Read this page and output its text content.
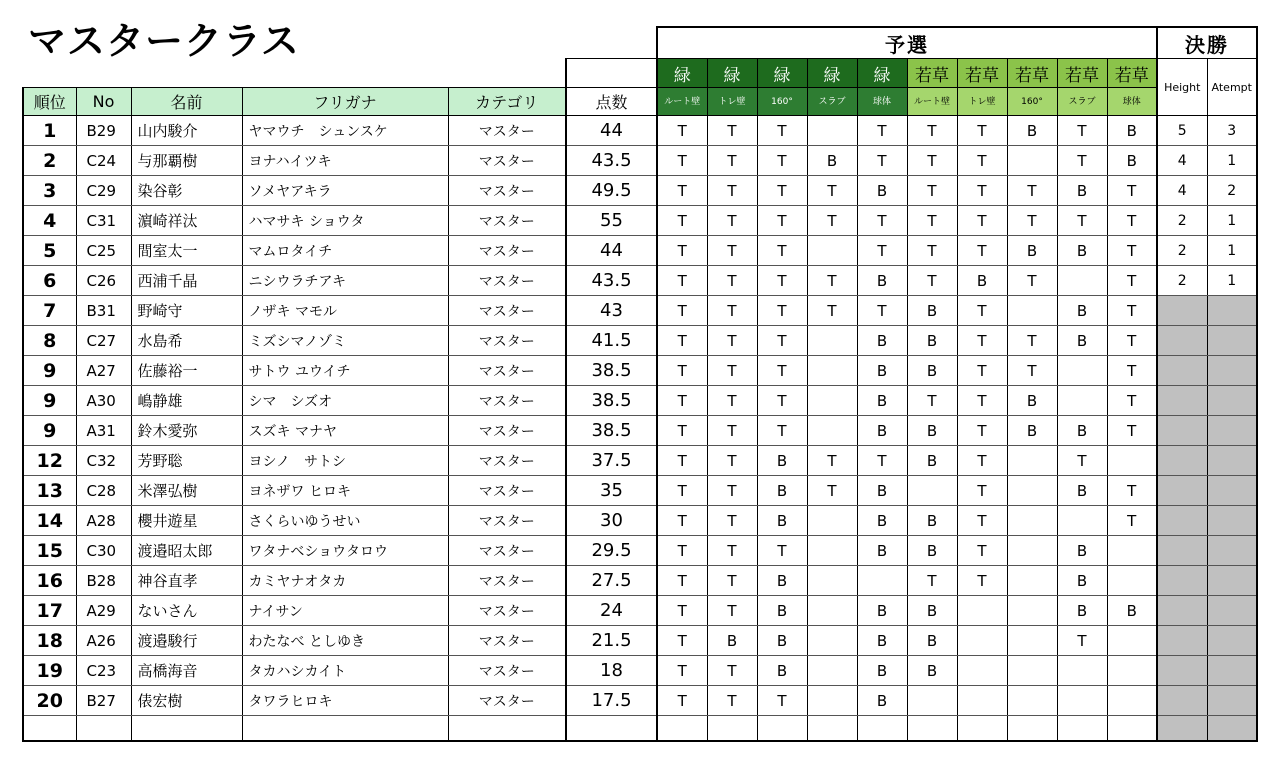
マスタークラス
						予選										決勝	
						緑	緑	緑	緑	緑	若草	若草	若草	若草	若草	Height	Atempt
順位	No	名前	フリガナ	カテゴリ	点数	ルート壁	トレ壁	160°	スラブ	球体	ルート壁	トレ壁	160°	スラブ	球体		
1	B29	山内駿介	ヤマウチ　シュンスケ	マスター	44	T	T	T		T	T	T	B	T	B	5	3
2	C24	与那覇樹	ヨナハイツキ	マスター	43.5	T	T	T	B	T	T	T		T	B	4	1
3	C29	染谷彰	ソメヤアキラ	マスター	49.5	T	T	T	T	B	T	T	T	B	T	4	2
4	C31	濵崎祥汰	ハマサキ ショウタ	マスター	55	T	T	T	T	T	T	T	T	T	T	2	1
5	C25	間室太一	マムロタイチ	マスター	44	T	T	T		T	T	T	B	B	T	2	1
6	C26	西浦千晶	ニシウラチアキ	マスター	43.5	T	T	T	T	B	T	B	T		T	2	1
7	B31	野崎守	ノザキ マモル	マスター	43	T	T	T	T	T	B	T		B	T		
8	C27	水島希	ミズシマノゾミ	マスター	41.5	T	T	T		B	B	T	T	B	T		
9	A27	佐藤裕一	サトウ ユウイチ	マスター	38.5	T	T	T		B	B	T	T		T		
9	A30	嶋静雄	シマ　シズオ	マスター	38.5	T	T	T		B	T	T	B		T		
9	A31	鈴木愛弥	スズキ マナヤ	マスター	38.5	T	T	T		B	B	T	B	B	T		
12	C32	芳野聡	ヨシノ　サトシ	マスター	37.5	T	T	B	T	T	B	T		T			
13	C28	米澤弘樹	ヨネザワ ヒロキ	マスター	35	T	T	B	T	B		T		B	T		
14	A28	櫻井遊星	さくらいゆうせい	マスター	30	T	T	B		B	B	T			T		
15	C30	渡邉昭太郎	ワタナベショウタロウ	マスター	29.5	T	T	T		B	B	T		B			
16	B28	神谷直孝	カミヤナオタカ	マスター	27.5	T	T	B			T	T		B			
17	A29	ないさん	ナイサン	マスター	24	T	T	B		B	B			B	B		
18	A26	渡邉駿行	わたなべ としゆき	マスター	21.5	T	B	B		B	B			T			
19	C23	高橋海音	タカハシカイト	マスター	18	T	T	B		B	B						
20	B27	俵宏樹	タワラヒロキ	マスター	17.5	T	T	T		B							
